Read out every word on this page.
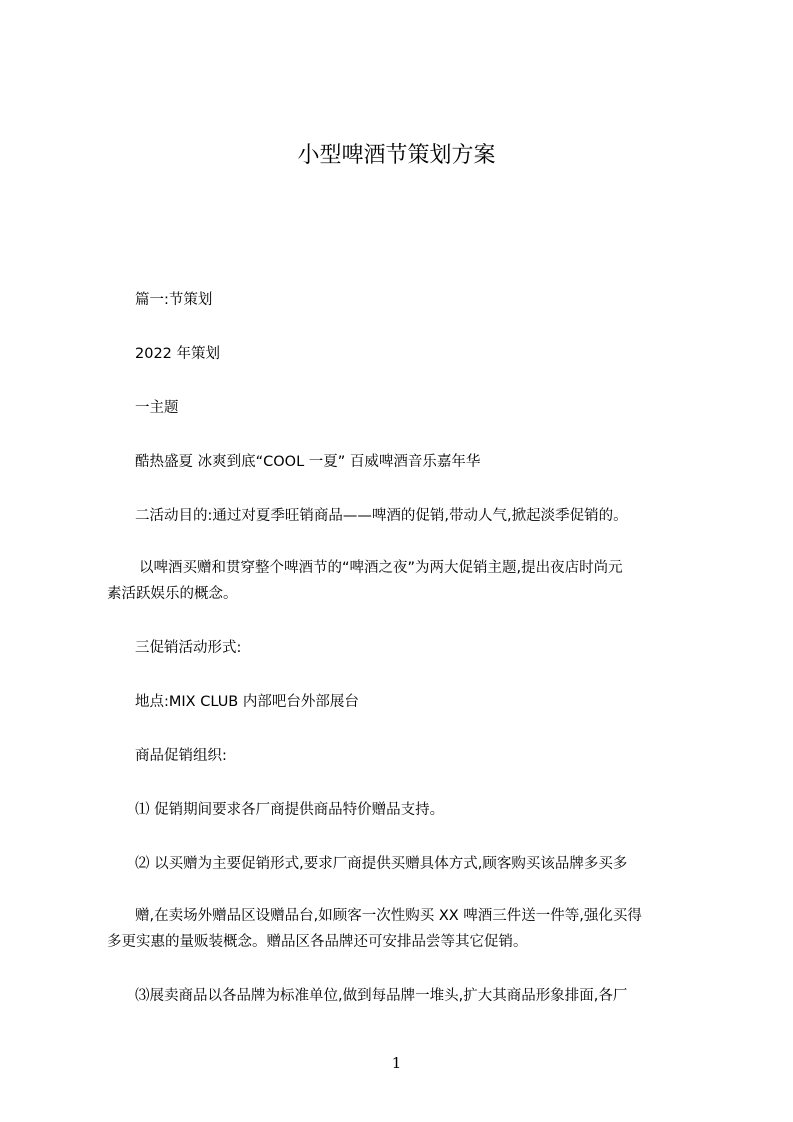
小型啤酒节策划方案
篇一:节策划
2022 年策划
一主题
酷热盛夏 冰爽到底“COOL 一夏” 百威啤酒音乐嘉年华
二活动目的:通过对夏季旺销商品——啤酒的促销,带动人气,掀起淡季促销的。
以啤酒买赠和贯穿整个啤酒节的“啤酒之夜”为两大促销主题,提出夜店时尚元
素活跃娱乐的概念。
三促销活动形式:
地点:MIX CLUB 内部吧台外部展台
商品促销组织:
⑴ 促销期间要求各厂商提供商品特价赠品支持。
⑵ 以买赠为主要促销形式,要求厂商提供买赠具体方式,顾客购买该品牌多买多
赠,在卖场外赠品区设赠品台,如顾客一次性购买 XX 啤酒三件送一件等,强化买得
多更实惠的量贩装概念。赠品区各品牌还可安排品尝等其它促销。
⑶展卖商品以各品牌为标准单位,做到每品牌一堆头,扩大其商品形象排面,各厂
1
